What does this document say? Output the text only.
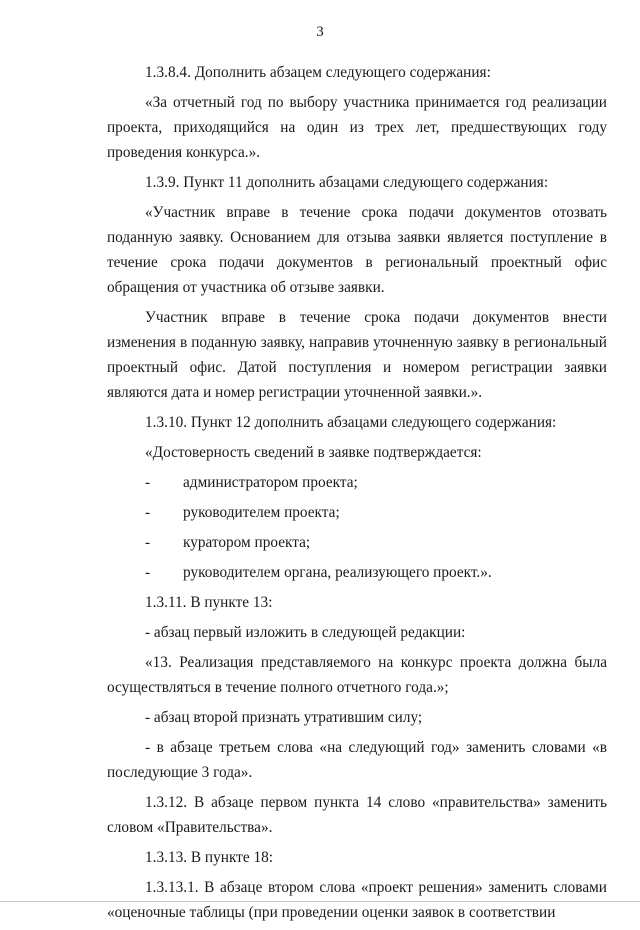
3

1.3.8.4. Дополнить абзацем следующего содержания:

«За отчетный год по выбору участника принимается год реализации проекта, приходящийся на один из трех лет, предшествующих году проведения конкурса.».

1.3.9. Пункт 11 дополнить абзацами следующего содержания:

«Участник вправе в течение срока подачи документов отозвать поданную заявку. Основанием для отзыва заявки является поступление в течение срока подачи документов в региональный проектный офис обращения от участника об отзыве заявки.

Участник вправе в течение срока подачи документов внести изменения в поданную заявку, направив уточненную заявку в региональный проектный офис. Датой поступления и номером регистрации заявки являются дата и номер регистрации уточненной заявки.».

1.3.10. Пункт 12 дополнить абзацами следующего содержания:

«Достоверность сведений в заявке подтверждается:

- администратором проекта;
- руководителем проекта;
- куратором проекта;
- руководителем органа, реализующего проект.».

1.3.11. В пункте 13:

- абзац первый изложить в следующей редакции:

«13. Реализация представляемого на конкурс проекта должна была осуществляться в течение полного отчетного года.»;

- абзац второй признать утратившим силу;

- в абзаце третьем слова «на следующий год» заменить словами «в последующие 3 года».

1.3.12. В абзаце первом пункта 14 слово «правительства» заменить словом «Правительства».

1.3.13. В пункте 18:

1.3.13.1. В абзаце втором слова «проект решения» заменить словами «оценочные таблицы (при проведении оценки заявок в соответствии
